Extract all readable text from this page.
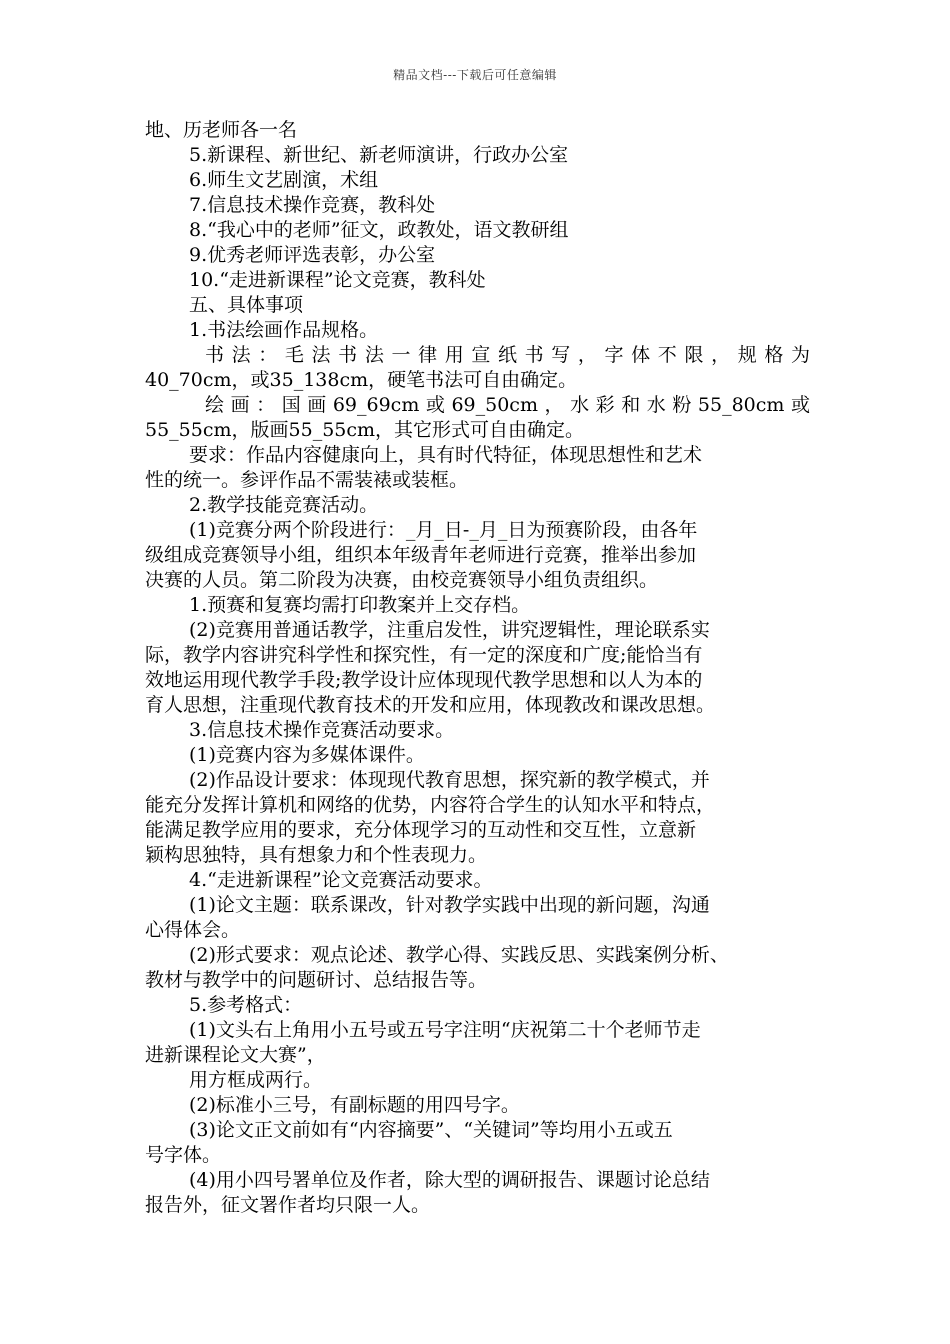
精品文档---下载后可任意编辑
地、历老师各一名
5.新课程、新世纪、新老师演讲，行政办公室
6.师生文艺剧演，术组
7.信息技术操作竞赛，教科处
8.“我心中的老师”征文，政教处，语文教研组
9.优秀老师评选表彰，办公室
10.“走进新课程”论文竞赛，教科处
五、具体事项
1.书法绘画作品规格。
书法：毛法书法一律用宣纸书写，字体不限，规格为
40_70cm，或35_138cm，硬笔书法可自由确定。
绘画：国画69_69cm或69_50cm，水彩和水粉55_80cm或
55_55cm，版画55_55cm，其它形式可自由确定。
要求：作品内容健康向上，具有时代特征，体现思想性和艺术
性的统一。参评作品不需装裱或装框。
2.教学技能竞赛活动。
(1)竞赛分两个阶段进行：_月_日-_月_日为预赛阶段，由各年
级组成竞赛领导小组，组织本年级青年老师进行竞赛，推举出参加
决赛的人员。第二阶段为决赛，由校竞赛领导小组负责组织。
1.预赛和复赛均需打印教案并上交存档。
(2)竞赛用普通话教学，注重启发性，讲究逻辑性，理论联系实
际，教学内容讲究科学性和探究性，有一定的深度和广度;能恰当有
效地运用现代教学手段;教学设计应体现现代教学思想和以人为本的
育人思想，注重现代教育技术的开发和应用，体现教改和课改思想。
3.信息技术操作竞赛活动要求。
(1)竞赛内容为多媒体课件。
(2)作品设计要求：体现现代教育思想，探究新的教学模式，并
能充分发挥计算机和网络的优势，内容符合学生的认知水平和特点，
能满足教学应用的要求，充分体现学习的互动性和交互性，立意新
颖构思独特，具有想象力和个性表现力。
4.“走进新课程”论文竞赛活动要求。
(1)论文主题：联系课改，针对教学实践中出现的新问题，沟通
心得体会。
(2)形式要求：观点论述、教学心得、实践反思、实践案例分析、
教材与教学中的问题研讨、总结报告等。
5.参考格式：
(1)文头右上角用小五号或五号字注明“庆祝第二十个老师节走
进新课程论文大赛”，
用方框成两行。
(2)标准小三号，有副标题的用四号字。
(3)论文正文前如有“内容摘要”、“关键词”等均用小五或五
号字体。
(4)用小四号署单位及作者，除大型的调研报告、课题讨论总结
报告外，征文署作者均只限一人。
